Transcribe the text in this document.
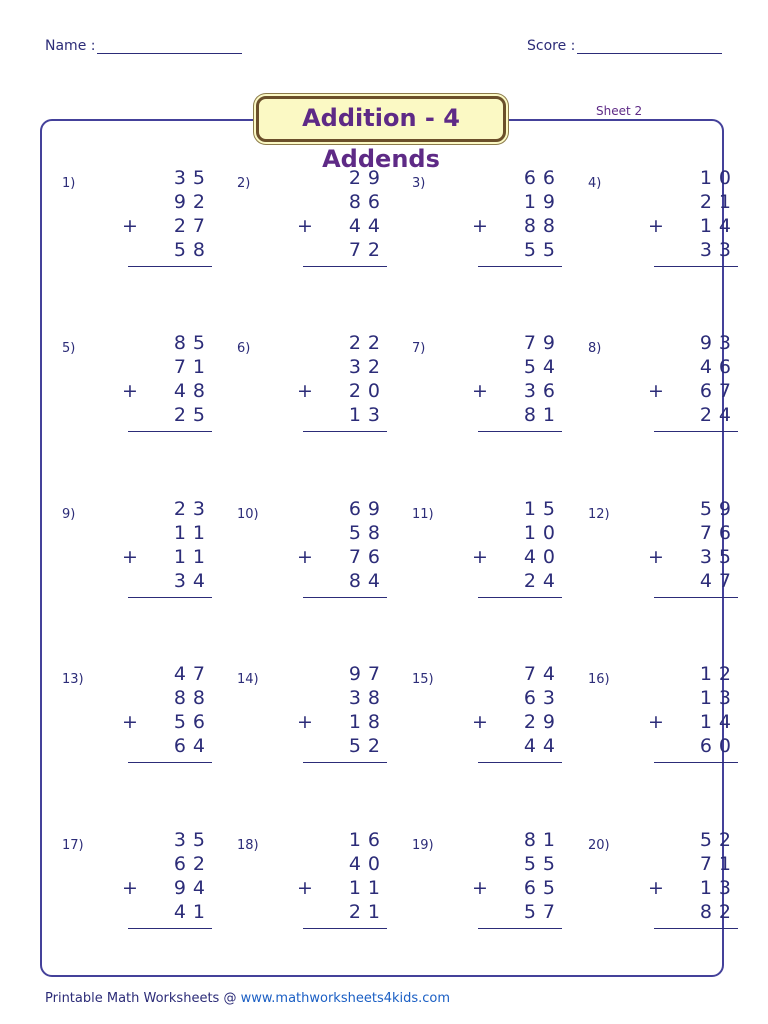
Name :	Score :
Addition - 4 Addends
Sheet 2
1)	35
92
+ 27
58
2)	29
86
+ 44
72
3)	66
19
+ 88
55
4)	10
21
+ 14
33
5)	85
71
+ 48
25
6)	22
32
+ 20
13
7)	79
54
+ 36
81
8)	93
46
+ 67
24
9)	23
11
+ 11
34
10)	69
58
+ 76
84
11)	15
10
+ 40
24
12)	59
76
+ 35
47
13)	47
88
+ 56
64
14)	97
38
+ 18
52
15)	74
63
+ 29
44
16)	12
13
+ 14
60
17)	35
62
+ 94
41
18)	16
40
+ 11
21
19)	81
55
+ 65
57
20)	52
71
+ 13
82
Printable Math Worksheets @ www.mathworksheets4kids.com
